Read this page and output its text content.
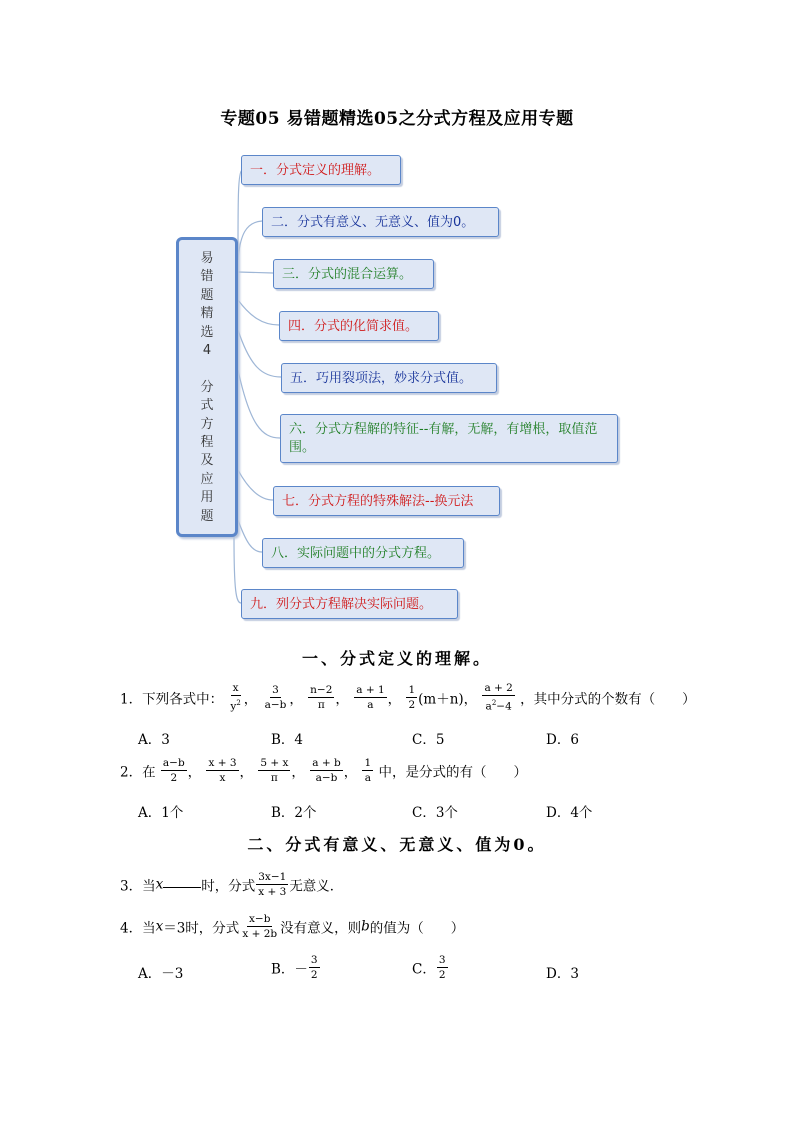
专题05 易错题精选05之分式方程及应用专题
易
错
题
精
选
4

分
式
方
程
及
应
用
题
一．分式定义的理解。
二．分式有意义、无意义、值为0。
三．分式的混合运算。
四．分式的化简求值。
五．巧用裂项法，妙求分式值。
六．分式方程解的特征--有解，无解，有增根，取值范围。
七．分式方程的特殊解法--换元法
八．实际问题中的分式方程。
九．列分式方程解决实际问题。
一、分式定义的理解。
1．下列各式中： $\frac{x}{y^2}$ ， $\frac{3}{a-b}$ ， $\frac{n-2}{\pi}$ ， $\frac{a + 1}{a}$ ， $\frac{1}{2} (m+n)$， $\frac{a + 2}{a^2-4}$ ，其中分式的个数有（　　）
A．3	B．4	C．5	D．6
2．在 $\frac{a-b}{2}$ ， $\frac{x + 3}{x}$ ， $\frac{5 + x}{\pi}$ ， $\frac{a + b}{a-b}$ ， $\frac{1}{a}$ 中，是分式的有（　　）
A．1个	B．2个	C．3个	D．4个
二、分式有意义、无意义、值为0。
3．当x	时，分式 $\frac{3x-1}{x + 3}$ 无意义．
4．当x＝3时，分式 $\frac{x-b}{x + 2b}$ 没有意义，则b的值为（　　）
A．－3	B．－ $\frac{3}{2}$	C． $\frac{3}{2}$	D．3
